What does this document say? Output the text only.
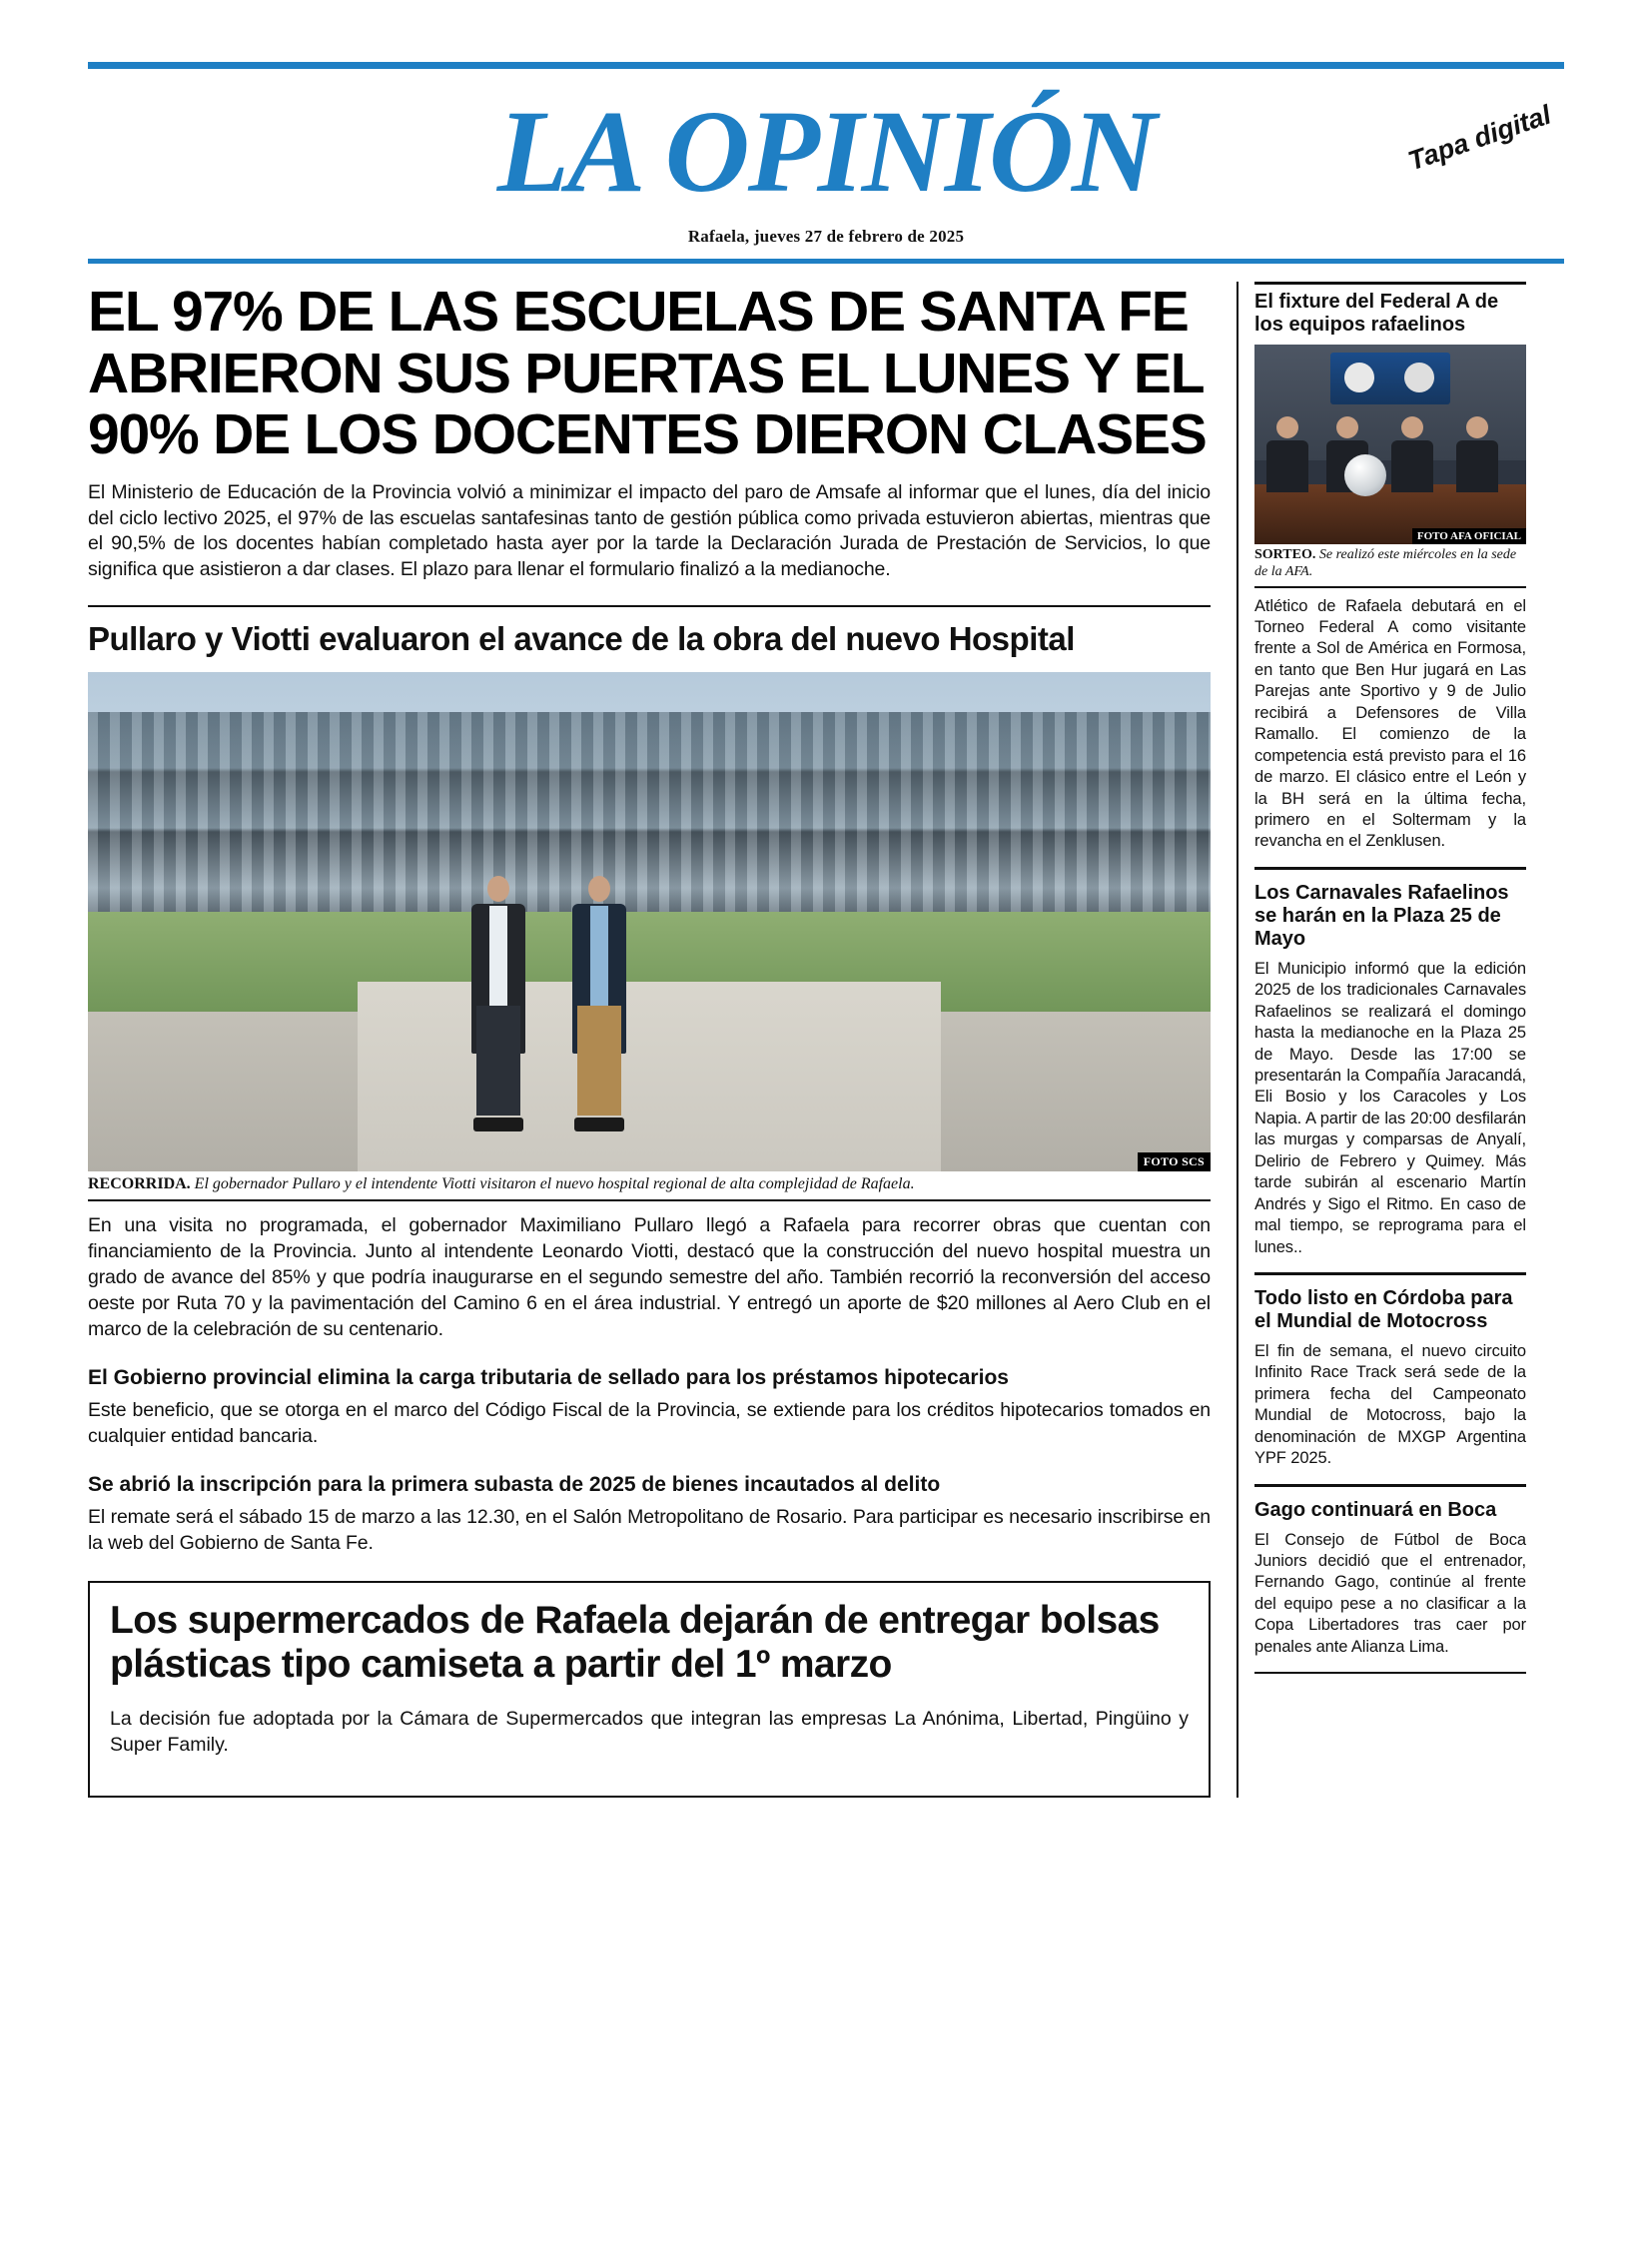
LA OPINIÓN	Tapa digital
Rafaela, jueves 27 de febrero de 2025
EL 97% DE LAS ESCUELAS DE SANTA FE ABRIERON SUS PUERTAS EL LUNES Y EL 90% DE LOS DOCENTES DIERON CLASES

El Ministerio de Educación de la Provincia volvió a minimizar el impacto del paro de Amsafe al informar que el lunes, día del inicio del ciclo lectivo 2025, el 97% de las escuelas santafesinas tanto de gestión pública como privada estuvieron abiertas, mientras que el 90,5% de los docentes habían completado hasta ayer por la tarde la Declaración Jurada de Prestación de Servicios, lo que significa que asistieron a dar clases. El plazo para llenar el formulario finalizó a la medianoche.

Pullaro y Viotti evaluaron el avance de la obra del nuevo Hospital
FOTO SCS
RECORRIDA. El gobernador Pullaro y el intendente Viotti visitaron el nuevo hospital regional de alta complejidad de Rafaela.

En una visita no programada, el gobernador Maximiliano Pullaro llegó a Rafaela para recorrer obras que cuentan con financiamiento de la Provincia. Junto al intendente Leonardo Viotti, destacó que la construcción del nuevo hospital muestra un grado de avance del 85% y que podría inaugurarse en el segundo semestre del año. También recorrió la reconversión del acceso oeste por Ruta 70 y la pavimentación del Camino 6 en el área industrial. Y entregó un aporte de $20 millones al Aero Club en el marco de la celebración de su centenario.

El Gobierno provincial elimina la carga tributaria de sellado para los préstamos hipotecarios

Este beneficio, que se otorga en el marco del Código Fiscal de la Provincia, se extiende para los créditos hipotecarios tomados en cualquier entidad bancaria.

Se abrió la inscripción para la primera subasta de 2025 de bienes incautados al delito

El remate será el sábado 15 de marzo a las 12.30, en el Salón Metropolitano de Rosario. Para participar es necesario inscribirse en la web del Gobierno de Santa Fe.

Los supermercados de Rafaela dejarán de entregar bolsas plásticas tipo camiseta a partir del 1º marzo

La decisión fue adoptada por la Cámara de Supermercados que integran las empresas La Anónima, Libertad, Pingüino y Super Family.

El fixture del Federal A de los equipos rafaelinos
FOTO AFA OFICIAL
SORTEO. Se realizó este miércoles en la sede de la AFA.

Atlético de Rafaela debutará en el Torneo Federal A como visitante frente a Sol de América en Formosa, en tanto que Ben Hur jugará en Las Parejas ante Sportivo y 9 de Julio recibirá a Defensores de Villa Ramallo. El comienzo de la competencia está previsto para el 16 de marzo. El clásico entre el León y la BH será en la última fecha, primero en el Soltermam y la revancha en el Zenklusen.

Los Carnavales Rafaelinos se harán en la Plaza 25 de Mayo

El Municipio informó que la edición 2025 de los tradicionales Carnavales Rafaelinos se realizará el domingo hasta la medianoche en la Plaza 25 de Mayo. Desde las 17:00 se presentarán la Compañía Jaracandá, Eli Bosio y los Caracoles y Los Napia. A partir de las 20:00 desfilarán las murgas y comparsas de Anyalí, Delirio de Febrero y Quimey. Más tarde subirán al escenario Martín Andrés y Sigo el Ritmo. En caso de mal tiempo, se reprograma para el lunes..

Todo listo en Córdoba para el Mundial de Motocross

El fin de semana, el nuevo circuito Infinito Race Track será sede de la primera fecha del Campeonato Mundial de Motocross, bajo la denominación de MXGP Argentina YPF 2025.

Gago continuará en Boca

El Consejo de Fútbol de Boca Juniors decidió que el entrenador, Fernando Gago, continúe al frente del equipo pese a no clasificar a la Copa Libertadores tras caer por penales ante Alianza Lima.
